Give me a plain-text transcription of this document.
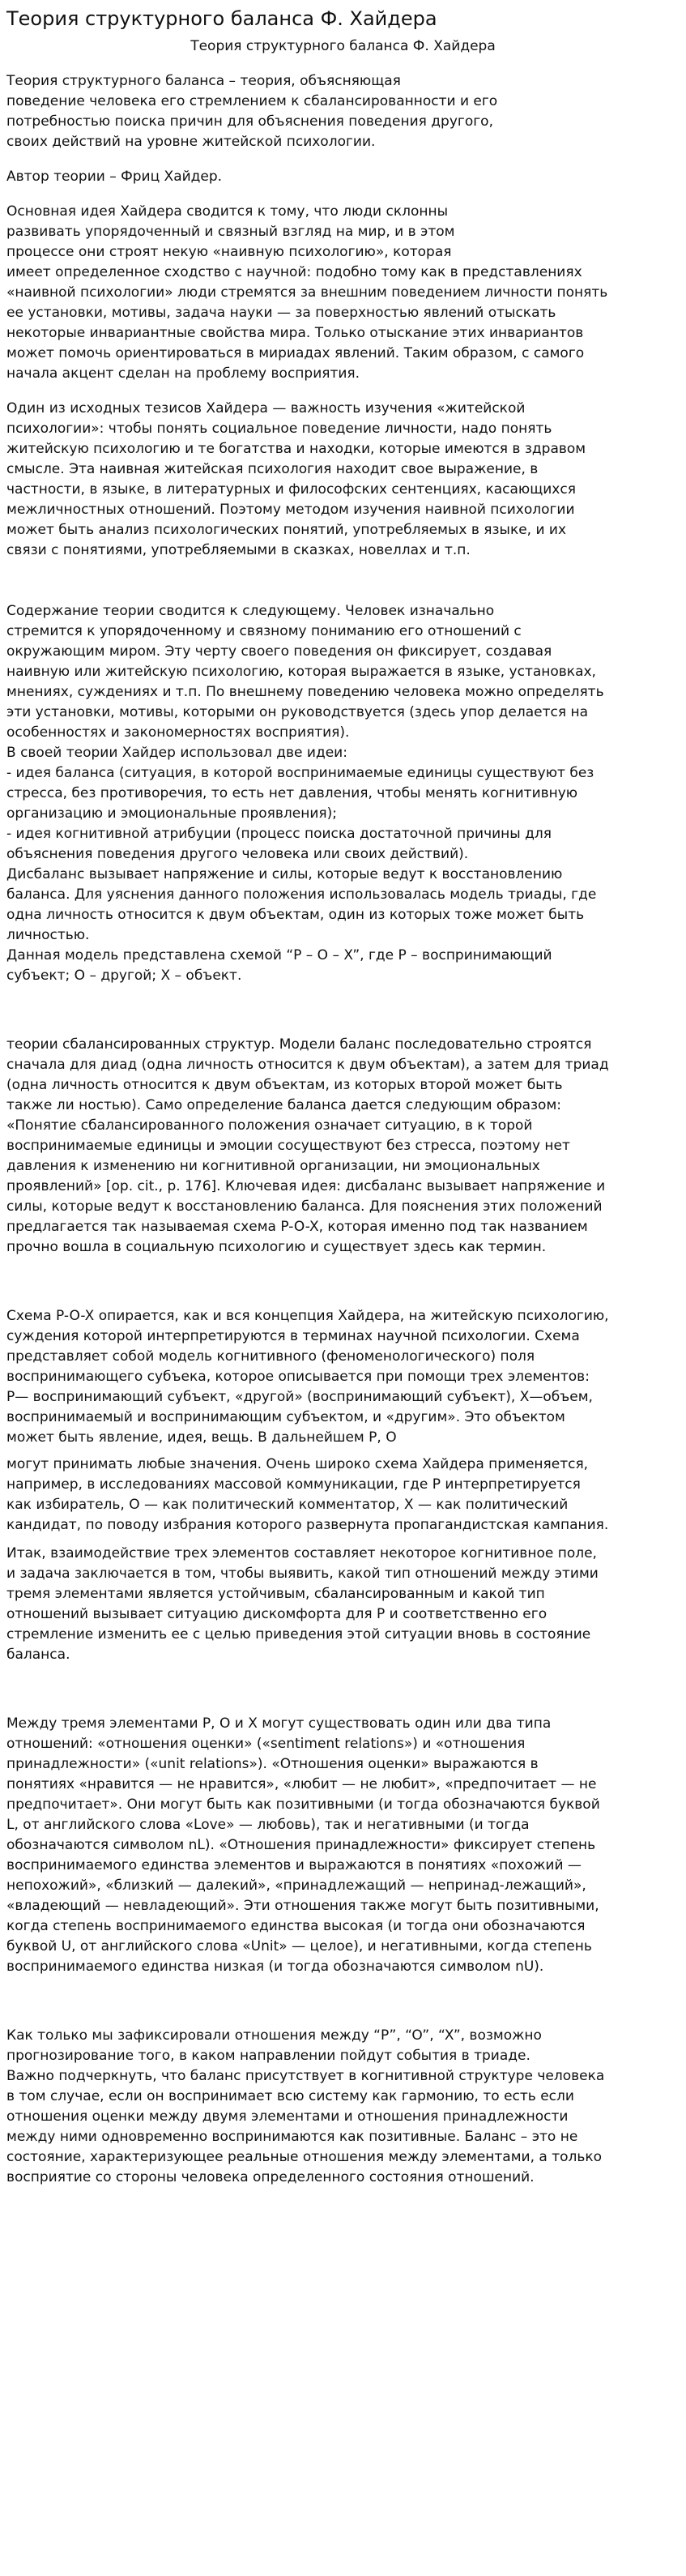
Теория структурного баланса Ф. Хайдера
Теория структурного баланса Ф. Хайдера

Теория структурного баланса – теория, объясняющая
поведение человека его стремлением к сбалансированности и его
потребностью поиска причин для объяснения поведения другого,
своих действий на уровне житейской психологии.

Автор теории – Фриц Хайдер.

Основная идея Хайдера сводится к тому, что люди склонны
развивать упорядоченный и связный взгляд на мир, и в этом
процессе они строят некую «наивную психологию», которая
имеет определенное сходство с научной: подобно тому как в представлениях
«наивной психологии» люди стремятся за внешним поведением личности понять
ее установки, мотивы, задача науки — за поверхностью явлений отыскать
некоторые инвариантные свойства мира. Только отыскание этих инвариантов
может помочь ориентироваться в мириадах явлений. Таким образом, с самого
начала акцент сделан на проблему восприятия.

Один из исходных тезисов Хайдера — важность изучения «житейской
психологии»: чтобы понять социальное поведение личности, надо понять
житейскую психологию и те богатства и находки, которые имеются в здравом
смысле. Эта наивная житейская психология находит свое выражение, в
частности, в языке, в литературных и философских сентенциях, касающихся
межличностных отношений. Поэтому методом изучения наивной психологии
может быть анализ психологических понятий, употребляемых в языке, и их
связи с понятиями, употребляемыми в сказках, новеллах и т.п.

Содержание теории сводится к следующему. Человек изначально
стремится к упорядоченному и связному пониманию его отношений с
окружающим миром. Эту черту своего поведения он фиксирует, создавая
наивную или житейскую психологию, которая выражается в языке, установках,
мнениях, суждениях и т.п. По внешнему поведению человека можно определять
эти установки, мотивы, которыми он руководствуется (здесь упор делается на
особенностях и закономерностях восприятия).
В своей теории Хайдер использовал две идеи:
- идея баланса (ситуация, в которой воспринимаемые единицы существуют без
стресса, без противоречия, то есть нет давления, чтобы менять когнитивную
организацию и эмоциональные проявления);
- идея когнитивной атрибуции (процесс поиска достаточной причины для
объяснения поведения другого человека или своих действий).
Дисбаланс вызывает напряжение и силы, которые ведут к восстановлению
баланса. Для уяснения данного положения использовалась модель триады, где
одна личность относится к двум объектам, один из которых тоже может быть
личностью.
Данная модель представлена схемой “P – O – X”, где P – воспринимающий
субъект; O – другой; X – объект.

теории сбалансированных структур. Модели баланс последовательно строятся
сначала для диад (одна личность относится к двум объектам), а затем для триад
(одна личность относится к двум объектам, из которых второй может быть
также ли ностью). Само определение баланса дается следующим образом:
«Понятие сбалансированного положения означает ситуацию, в к торой
воспринимаемые единицы и эмоции сосуществуют без стресса, поэтому нет
давления к изменению ни когнитивной организации, ни эмоциональных
проявлений» [op. cit., p. 176]. Ключевая идея: дисбаланс вызывает напряжение и
силы, которые ведут к восстановлению баланса. Для пояснения этих положений
предлагается так называемая схема P-O-X, которая именно под так названием
прочно вошла в социальную психологию и существует здесь как термин.

Схема P-O-X опирается, как и вся концепция Хайдера, на житейскую психологию,
суждения которой интерпретируются в терминах научной психологии. Схема
представляет собой модель когнитивного (феноменологического) поля
воспринимающего субъека, которое описывается при помощи трех элементов:
P— воспринимающий субъект, «другой» (воспринимающий субъект), X—объем,
воспринимаемый и воспринимающим субъектом, и «другим». Это объектом
может быть явление, идея, вещь. В дальнейшем P, O

могут принимать любые значения. Очень широко схема Хайдера применяется,
например, в исследованиях массовой коммуникации, где P интерпретируется
как избиратель, O — как политический комментатор, X — как политический
кандидат, по поводу избрания которого развернута пропагандистская кампания.

Итак, взаимодействие трех элементов составляет некоторое когнитивное поле,
и задача заключается в том, чтобы выявить, какой тип отношений между этими
тремя элементами является устойчивым, сбалансированным и какой тип
отношений вызывает ситуацию дискомфорта для P и соответственно его
стремление изменить ее с целью приведения этой ситуации вновь в состояние
баланса.

Между тремя элементами P, O и X могут существовать один или два типа
отношений: «отношения оценки» («sentiment relations») и «отношения
принадлежности» («unit relations»). «Отношения оценки» выражаются в
понятиях «нравится — не нравится», «любит — не любит», «предпочитает — не
предпочитает». Они могут быть как позитивными (и тогда обозначаются буквой
L, от английского слова «Love» — любовь), так и негативными (и тогда
обозначаются символом nL). «Отношения принадлежности» фиксирует степень
воспринимаемого единства элементов и выражаются в понятиях «похожий —
непохожий», «близкий — далекий», «принадлежащий — непринад-лежащий»,
«владеющий — невладеющий». Эти отношения также могут быть позитивными,
когда степень воспринимаемого единства высокая (и тогда они обозначаются
буквой U, от английского слова «Unit» — целое), и негативными, когда степень
воспринимаемого единства низкая (и тогда обозначаются символом nU).

Как только мы зафиксировали отношения между “P”, “O”, “X”, возможно
прогнозирование того, в каком направлении пойдут события в триаде.
Важно подчеркнуть, что баланс присутствует в когнитивной структуре человека
в том случае, если он воспринимает всю систему как гармонию, то есть если
отношения оценки между двумя элементами и отношения принадлежности
между ними одновременно воспринимаются как позитивные. Баланс – это не
состояние, характеризующее реальные отношения между элементами, а только
восприятие со стороны человека определенного состояния отношений.
